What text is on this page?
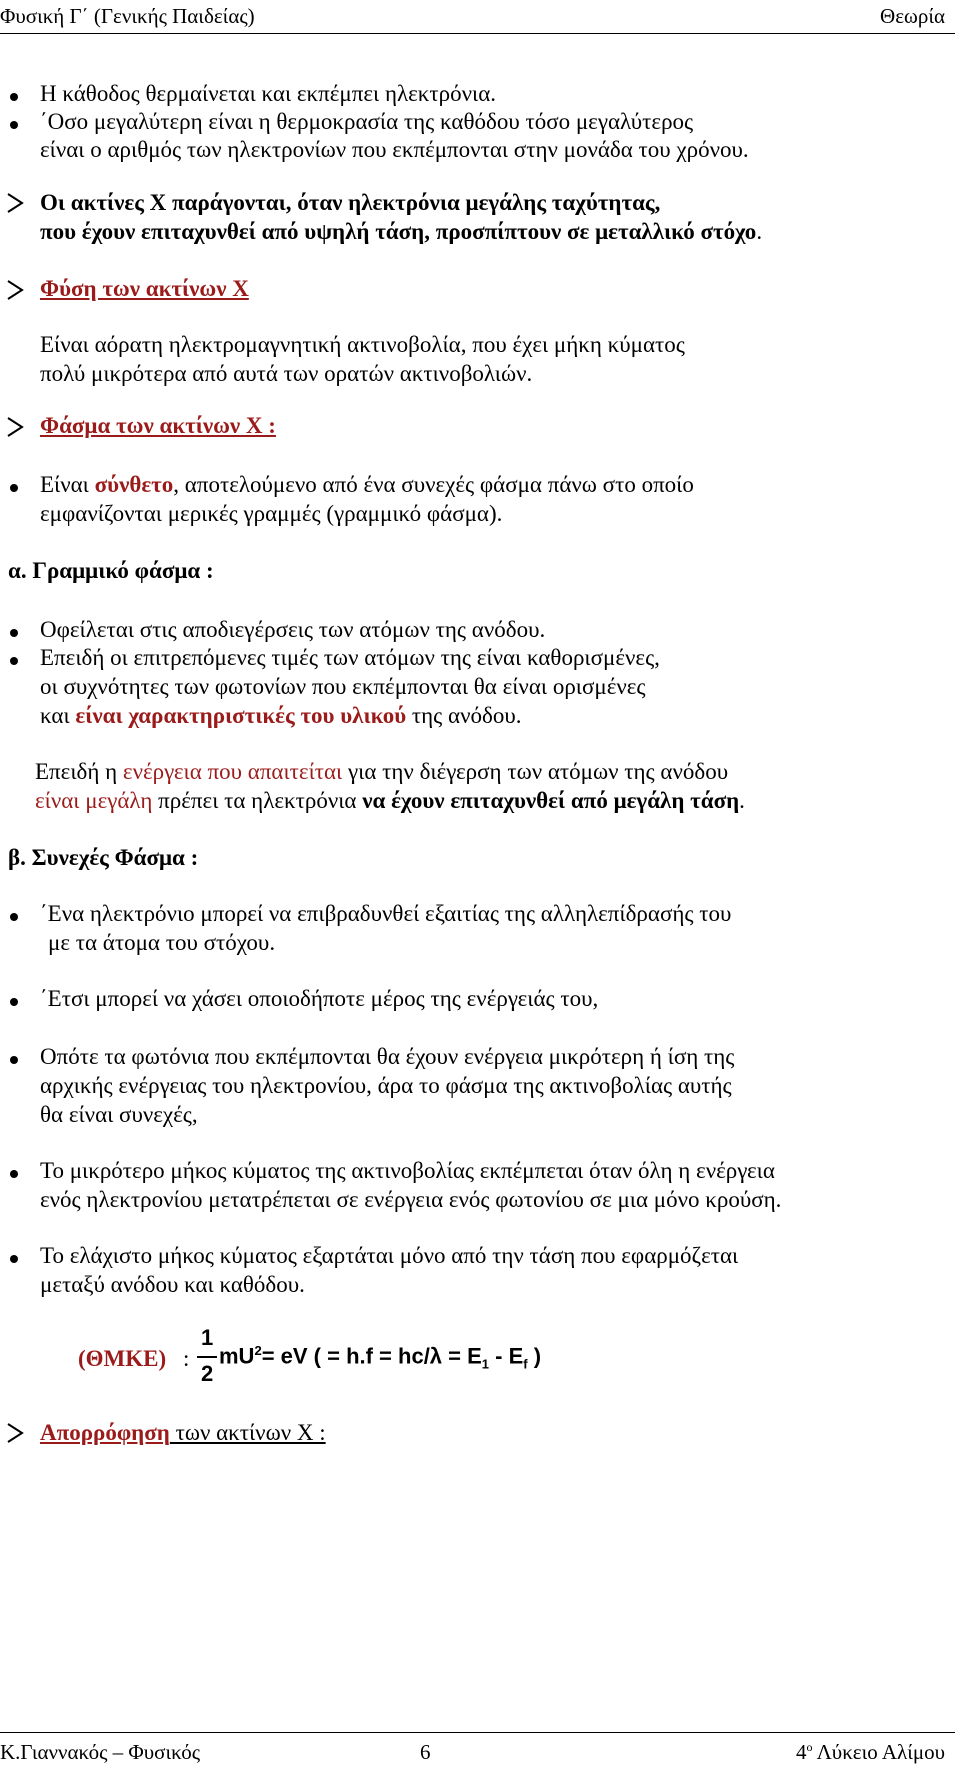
Φυσική Γ΄ (Γενικής Παιδείας)	Θεωρία
Η κάθοδος θερμαίνεται και εκπέμπει ηλεκτρόνια.
΄Οσο μεγαλύτερη είναι η θερμοκρασία της καθόδου τόσο μεγαλύτερος
είναι ο αριθμός των ηλεκτρονίων που εκπέμπονται στην μονάδα του χρόνου.
Οι ακτίνες Χ παράγονται, όταν ηλεκτρόνια μεγάλης ταχύτητας,
που έχουν επιταχυνθεί από υψηλή τάση, προσπίπτουν σε μεταλλικό στόχο.
Φύση των ακτίνων Χ
Είναι αόρατη ηλεκτρομαγνητική ακτινοβολία, που έχει μήκη κύματος
πολύ μικρότερα από αυτά των ορατών ακτινοβολιών.
Φάσμα των ακτίνων Χ :
Είναι σύνθετο, αποτελούμενο από ένα συνεχές φάσμα πάνω στο οποίο
εμφανίζονται μερικές γραμμές (γραμμικό φάσμα).
α. Γραμμικό φάσμα :
Οφείλεται στις αποδιεγέρσεις των ατόμων της ανόδου.
Επειδή οι επιτρεπόμενες τιμές των ατόμων της είναι καθορισμένες,
οι συχνότητες των φωτονίων που εκπέμπονται θα είναι ορισμένες
και είναι χαρακτηριστικές του υλικού της ανόδου.
Επειδή η ενέργεια που απαιτείται για την διέγερση των ατόμων της ανόδου
είναι μεγάλη πρέπει τα ηλεκτρόνια να έχουν επιταχυνθεί από μεγάλη τάση.
β. Συνεχές Φάσμα :
΄Ενα ηλεκτρόνιο μπορεί να επιβραδυνθεί εξαιτίας της αλληλεπίδρασής του
με τα άτομα του στόχου.
΄Ετσι μπορεί να χάσει οποιοδήποτε μέρος της ενέργειάς του,
Οπότε τα φωτόνια που εκπέμπονται θα έχουν ενέργεια μικρότερη ή ίση της
αρχικής ενέργειας του ηλεκτρονίου, άρα το φάσμα της ακτινοβολίας αυτής
θα είναι συνεχές,
Το μικρότερο μήκος κύματος της ακτινοβολίας εκπέμπεται όταν όλη η ενέργεια
ενός ηλεκτρονίου μετατρέπεται σε ενέργεια ενός φωτονίου σε μια μόνο κρούση.
Το ελάχιστο μήκος κύματος εξαρτάται μόνο από την τάση που εφαρμόζεται
μεταξύ ανόδου και καθόδου.
(ΘΜΚΕ) :
1
2
$mU^2=$ eV ( = $h.f = hc/\lambda = E_1 - E_f$ )
Απορρόφηση των ακτίνων Χ :
Κ.Γιαννακός – Φυσικός	6	$4^o$ Λύκειο Αλίμου
